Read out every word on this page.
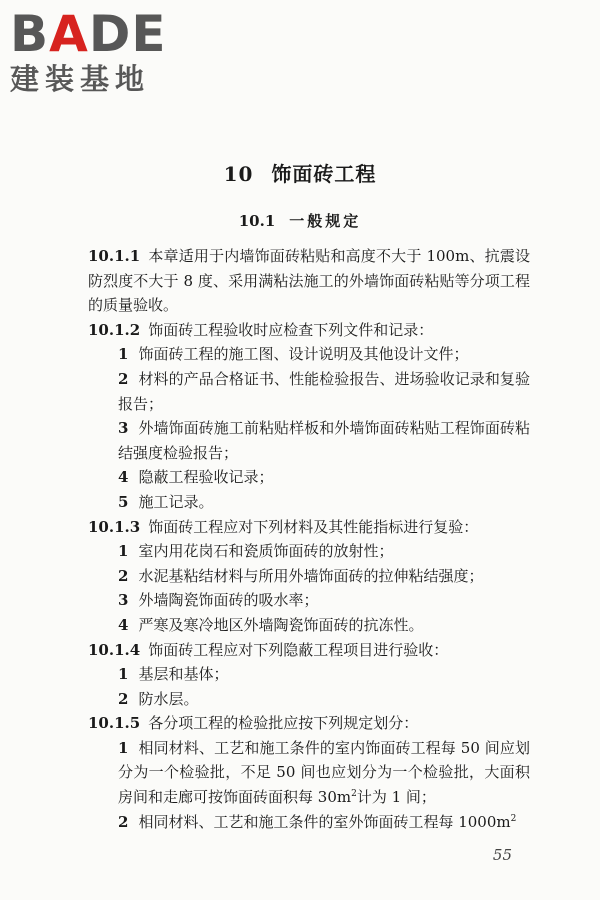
BADE
建装基地
10 饰面砖工程
10.1 一般规定

10.1.1 本章适用于内墙饰面砖粘贴和高度不大于 100m、抗震设防烈度不大于 8 度、采用满粘法施工的外墙饰面砖粘贴等分项工程的质量验收。

10.1.2 饰面砖工程验收时应检查下列文件和记录：

1 饰面砖工程的施工图、设计说明及其他设计文件；

2 材料的产品合格证书、性能检验报告、进场验收记录和复验报告；

3 外墙饰面砖施工前粘贴样板和外墙饰面砖粘贴工程饰面砖粘结强度检验报告；

4 隐蔽工程验收记录；

5 施工记录。

10.1.3 饰面砖工程应对下列材料及其性能指标进行复验：

1 室内用花岗石和瓷质饰面砖的放射性；

2 水泥基粘结材料与所用外墙饰面砖的拉伸粘结强度；

3 外墙陶瓷饰面砖的吸水率；

4 严寒及寒冷地区外墙陶瓷饰面砖的抗冻性。

10.1.4 饰面砖工程应对下列隐蔽工程项目进行验收：

1 基层和基体；

2 防水层。

10.1.5 各分项工程的检验批应按下列规定划分：

1 相同材料、工艺和施工条件的室内饰面砖工程每 50 间应划分为一个检验批，不足 50 间也应划分为一个检验批，大面积房间和走廊可按饰面砖面积每 $30m^2$计为 1 间；

2 相同材料、工艺和施工条件的室外饰面砖工程每 $1000m^2$

55
